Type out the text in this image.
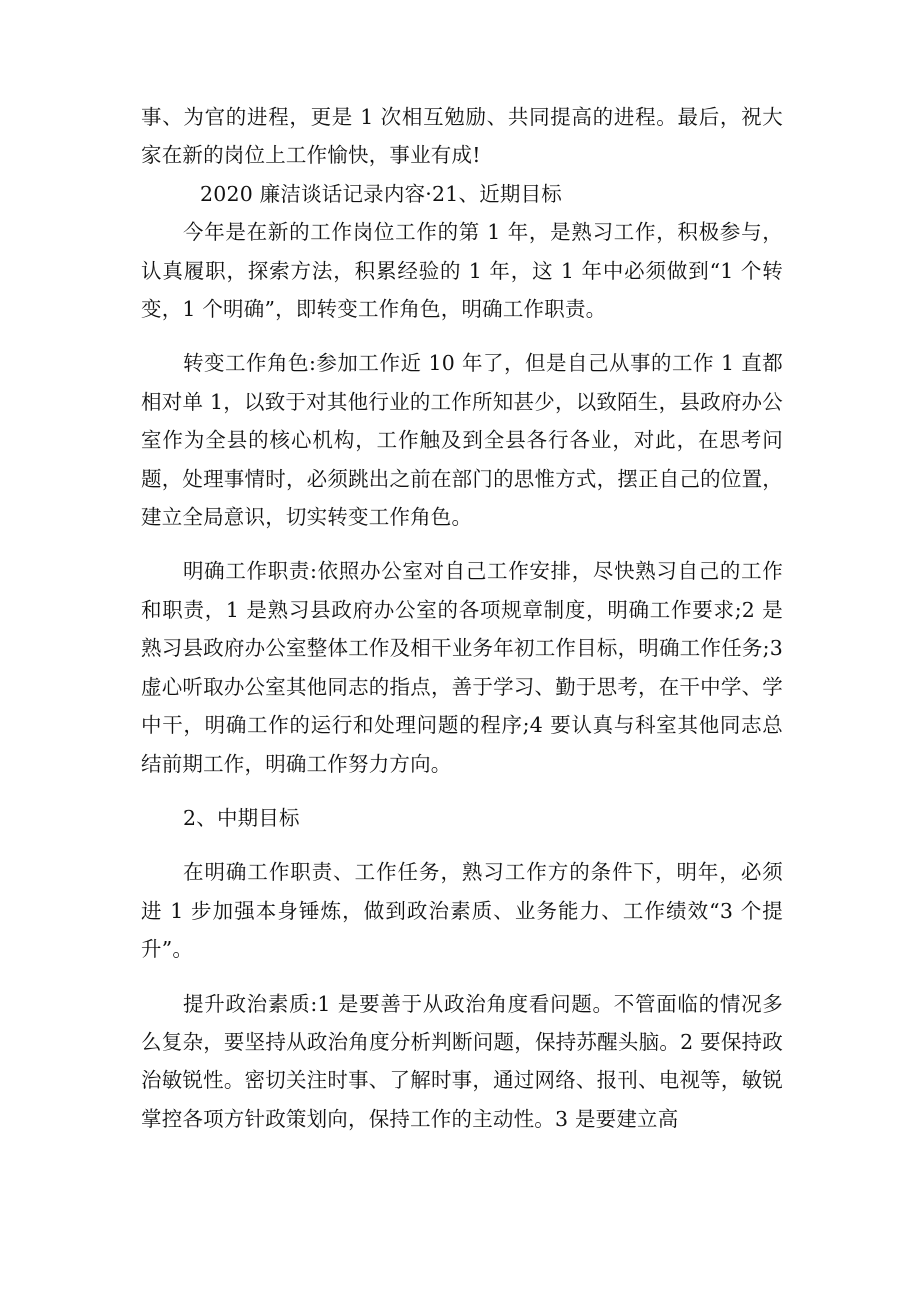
事、为官的进程，更是 1 次相互勉励、共同提高的进程。最后，祝大家在新的岗位上工作愉快，事业有成!

2020 廉洁谈话记录内容·21、近期目标

今年是在新的工作岗位工作的第 1 年，是熟习工作，积极参与，认真履职，探索方法，积累经验的 1 年，这 1 年中必须做到“1 个转变，1 个明确”，即转变工作角色，明确工作职责。

转变工作角色:参加工作近 10 年了，但是自己从事的工作 1 直都相对单 1，以致于对其他行业的工作所知甚少，以致陌生，县政府办公室作为全县的核心机构，工作触及到全县各行各业，对此，在思考问题，处理事情时，必须跳出之前在部门的思惟方式，摆正自己的位置，建立全局意识，切实转变工作角色。

明确工作职责:依照办公室对自己工作安排，尽快熟习自己的工作和职责，1 是熟习县政府办公室的各项规章制度，明确工作要求;2 是熟习县政府办公室整体工作及相干业务年初工作目标，明确工作任务;3 虚心听取办公室其他同志的指点，善于学习、勤于思考，在干中学、学中干，明确工作的运行和处理问题的程序;4 要认真与科室其他同志总结前期工作，明确工作努力方向。

2、中期目标

在明确工作职责、工作任务，熟习工作方的条件下，明年，必须进 1 步加强本身锤炼，做到政治素质、业务能力、工作绩效“3 个提升”。

提升政治素质:1 是要善于从政治角度看问题。不管面临的情况多么复杂，要坚持从政治角度分析判断问题，保持苏醒头脑。2 要保持政治敏锐性。密切关注时事、了解时事，通过网络、报刊、电视等，敏锐掌控各项方针政策划向，保持工作的主动性。3 是要建立高
